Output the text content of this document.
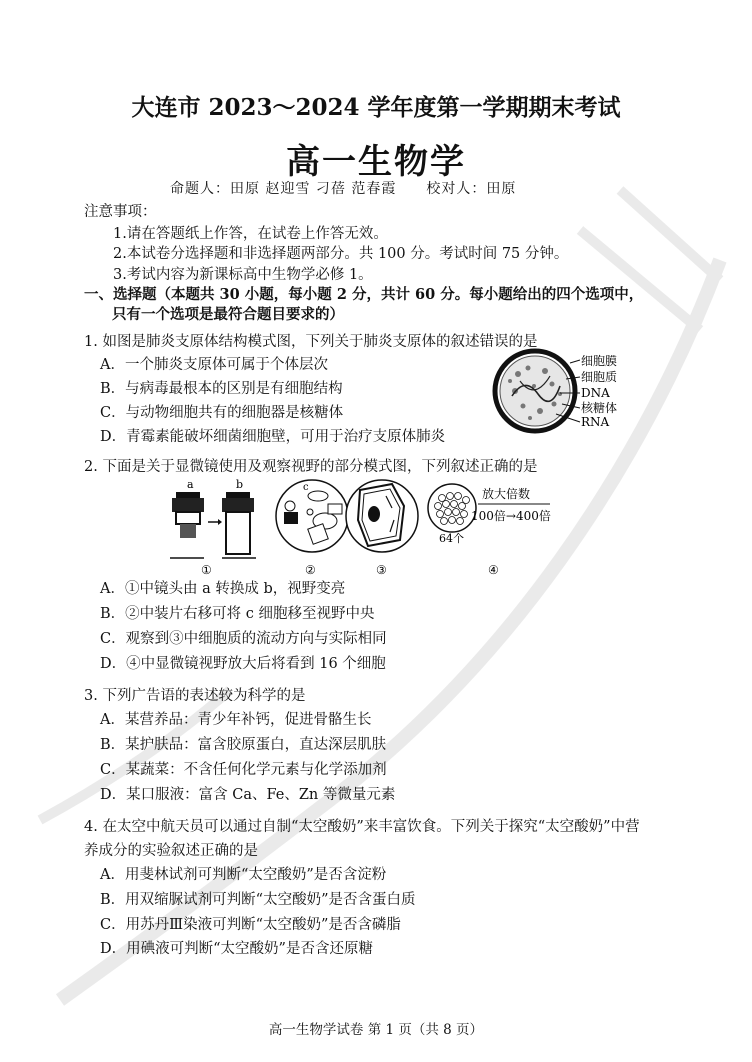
大连市 2023～2024 学年度第一学期期末考试
高一生物学
命题人：田原 赵迎雪 刁蓓 范春霞 校对人：田原
注意事项：
1.请在答题纸上作答，在试卷上作答无效。
2.本试卷分选择题和非选择题两部分。共 100 分。考试时间 75 分钟。
3.考试内容为新课标高中生物学必修 1。
一、选择题（本题共 30 小题，每小题 2 分，共计 60 分。每小题给出的四个选项中，
只有一个选项是最符合题目要求的）
1. 如图是肺炎支原体结构模式图，下列关于肺炎支原体的叙述错误的是
A．一个肺炎支原体可属于个体层次
B．与病毒最根本的区别是有细胞结构
C．与动物细胞共有的细胞器是核糖体
D．青霉素能破坏细菌细胞壁，可用于治疗支原体肺炎
细胞膜
细胞质
DNA
核糖体
RNA
2. 下面是关于显微镜使用及观察视野的部分模式图，下列叙述正确的是
a	b
①
c
②	③
64个
放大倍数
100倍→400倍
④
A．①中镜头由 a 转换成 b，视野变亮
B．②中装片右移可将 c 细胞移至视野中央
C．观察到③中细胞质的流动方向与实际相同
D．④中显微镜视野放大后将看到 16 个细胞
3. 下列广告语的表述较为科学的是
A．某营养品：青少年补钙，促进骨骼生长
B．某护肤品：富含胶原蛋白，直达深层肌肤
C．某蔬菜：不含任何化学元素与化学添加剂
D．某口服液：富含 Ca、Fe、Zn 等微量元素
4. 在太空中航天员可以通过自制“太空酸奶”来丰富饮食。下列关于探究“太空酸奶”中营
养成分的实验叙述正确的是
A．用斐林试剂可判断“太空酸奶”是否含淀粉
B．用双缩脲试剂可判断“太空酸奶”是否含蛋白质
C．用苏丹Ⅲ染液可判断“太空酸奶”是否含磷脂
D．用碘液可判断“太空酸奶”是否含还原糖
高一生物学试卷 第 1 页（共 8 页）
